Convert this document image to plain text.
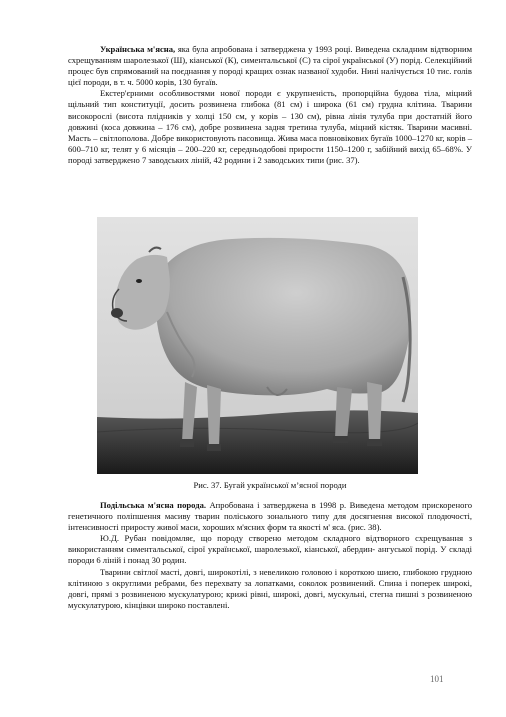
Українська м'ясна, яка була апробована і затверджена у 1993 році. Виведена складним відтворним схрещуванням шаролезької (Ш), кіанської (К), симентальської (С) та сірої української (У) порід. Селекційний процес був спрямований на поєднання у породі кращих ознак названої худоби. Нині налічується 10 тис. голів цієї породи, в т. ч. 5000 корів, 130 бугаїв.

Екстер'єрними особливостями нової породи є укрупненість, пропорційна будова тіла, міцний щільний тип конституції, досить розвинена глибока (81 см) і широка (61 см) грудна клітина. Тварини високорослі (висота плідників у холці 150 см, у корів – 130 см), рівна лінія тулуба при достатній його довжині (коса довжина – 176 см), добре розвинена задня третина тулуба, міцний кістяк. Тварини масивні. Масть – світлополова. Добре використовують пасовища. Жива маса повновікових бугаїв 1000–1270 кг, корів – 600–710 кг, телят у 6 місяців – 200–220 кг, середньодобові прирости 1150–1200 г, забійний вихід 65–68%. У породі затверджено 7 заводських ліній, 42 родини і 2 заводських типи (рис. 37).

Рис. 37. Бугай української м’ясної породи

Подільська м'ясна порода. Апробована і затверджена в 1998 р. Виведена методом прискореного генетичного поліпшення масиву тварин поліського зонального типу для досягнення високої плодючості, інтенсивності приросту живої маси, хороших м'ясних форм та якості м' яса. (рис. 38).

Ю.Д. Рубан повідомляє, що породу створено методом складного відтворного схрещування з використанням симентальської, сірої української, шаролезької, кіанської, абердин- ангуської порід. У складі породи 6 ліній і понад 30 родин.

Тварини світлої масті, довгі, широкотілі, з невеликою головою і короткою шиєю, глибокою грудною клітиною з округлими ребрами, без перехвату за лопатками, соколок розвинений. Спина і поперек широкі, довгі, прямі з розвиненою мускулатурою; крижі рівні, широкі, довгі, мускульні, стегна пишні з розвиненою мускулатурою, кінцівки широко поставлені.

101
